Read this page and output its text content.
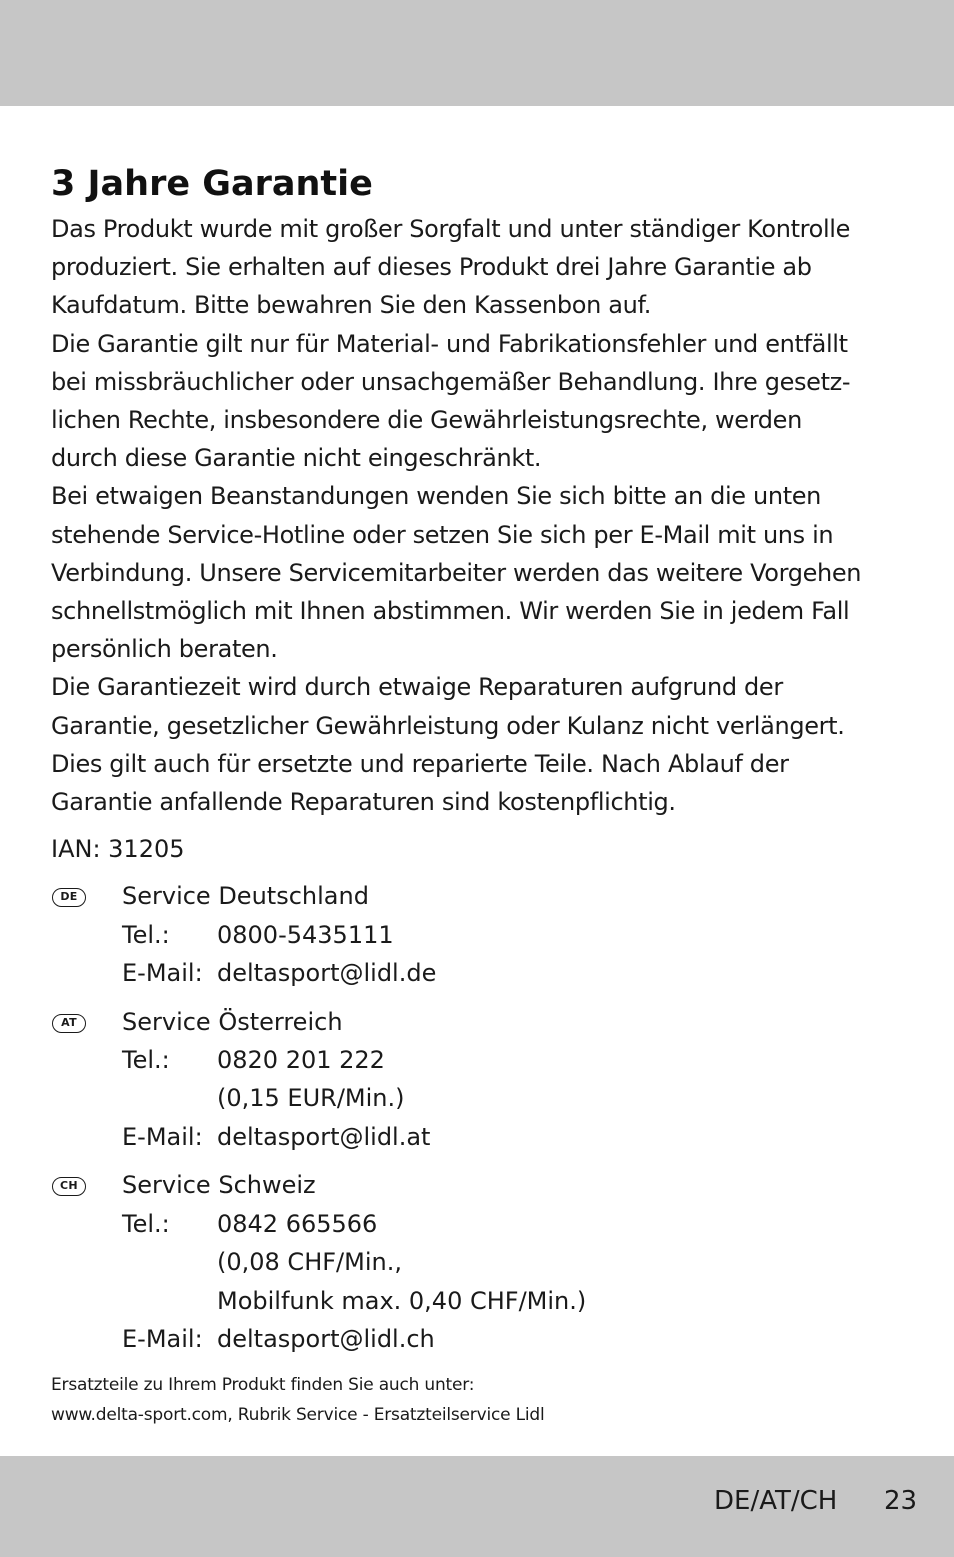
3 Jahre Garantie
Das Produkt wurde mit großer Sorgfalt und unter ständiger Kontrolle
produziert. Sie erhalten auf dieses Produkt drei Jahre Garantie ab
Kaufdatum. Bitte bewahren Sie den Kassenbon auf.
Die Garantie gilt nur für Material- und Fabrikationsfehler und entfällt
bei missbräuchlicher oder unsachgemäßer Behandlung. Ihre gesetz-
lichen Rechte, insbesondere die Gewährleistungsrechte, werden
durch diese Garantie nicht eingeschränkt.
Bei etwaigen Beanstandungen wenden Sie sich bitte an die unten
stehende Service-Hotline oder setzen Sie sich per E-Mail mit uns in
Verbindung. Unsere Servicemitarbeiter werden das weitere Vorgehen
schnellstmöglich mit Ihnen abstimmen. Wir werden Sie in jedem Fall
persönlich beraten.
Die Garantiezeit wird durch etwaige Reparaturen aufgrund der
Garantie, gesetzlicher Gewährleistung oder Kulanz nicht verlängert.
Dies gilt auch für ersetzte und reparierte Teile. Nach Ablauf der
Garantie anfallende Reparaturen sind kostenpflichtig.
IAN: 31205
DE	Service Deutschland
Tel.:	0800-5435111
E-Mail: deltasport@lidl.de
AT	Service Österreich
Tel.:	0820 201 222
(0,15 EUR/Min.)
E-Mail: deltasport@lidl.at
CH	Service Schweiz
Tel.:	0842 665566
(0,08 CHF/Min.,
Mobilfunk max. 0,40 CHF/Min.)
E-Mail: deltasport@lidl.ch
Ersatzteile zu Ihrem Produkt finden Sie auch unter:
www.delta-sport.com, Rubrik Service - Ersatzteilservice Lidl
DE/AT/CH 23
